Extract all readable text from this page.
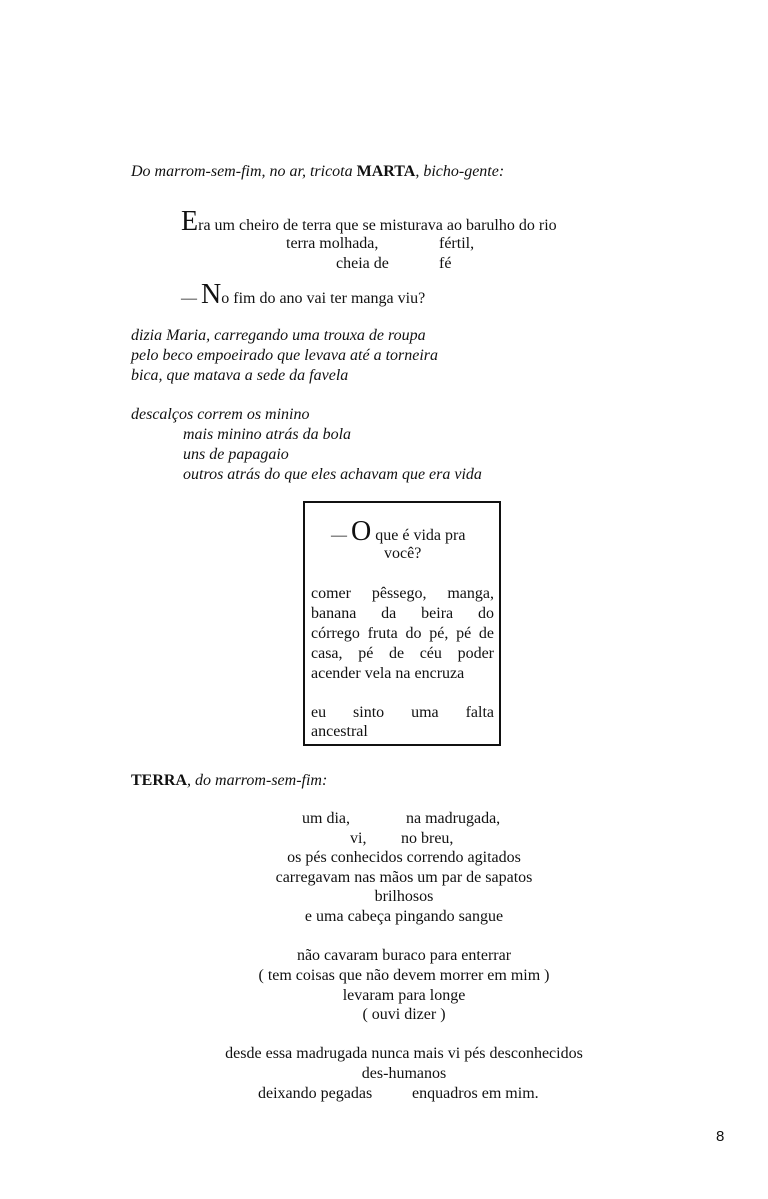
Do marrom-sem-fim, no ar, tricota MARTA, bicho-gente:
Era um cheiro de terra que se misturava ao barulho do rio
terra molhada,	fértil,
cheia de	fé
— No fim do ano vai ter manga viu?
dizia Maria, carregando uma trouxa de roupa
pelo beco empoeirado que levava até a torneira
bica, que matava a sede da favela
descalços correm os minino
mais minino atrás da bola
uns de papagaio
outros atrás do que eles achavam que era vida
— O que é vida pra
você?
comer pêssego, manga,
banana da beira do
córrego fruta do pé, pé de
casa, pé de céu poder
acender vela na encruza
eu sinto uma falta
ancestral
TERRA, do marrom-sem-fim:
um dia,	na madrugada,
vi, no breu,
os pés conhecidos correndo agitados
carregavam nas mãos um par de sapatos
brilhosos
e uma cabeça pingando sangue
não cavaram buraco para enterrar
( tem coisas que não devem morrer em mim )
levaram para longe
( ouvi dizer )
desde essa madrugada nunca mais vi pés desconhecidos
des-humanos
deixando pegadas enquadros em mim.
8
